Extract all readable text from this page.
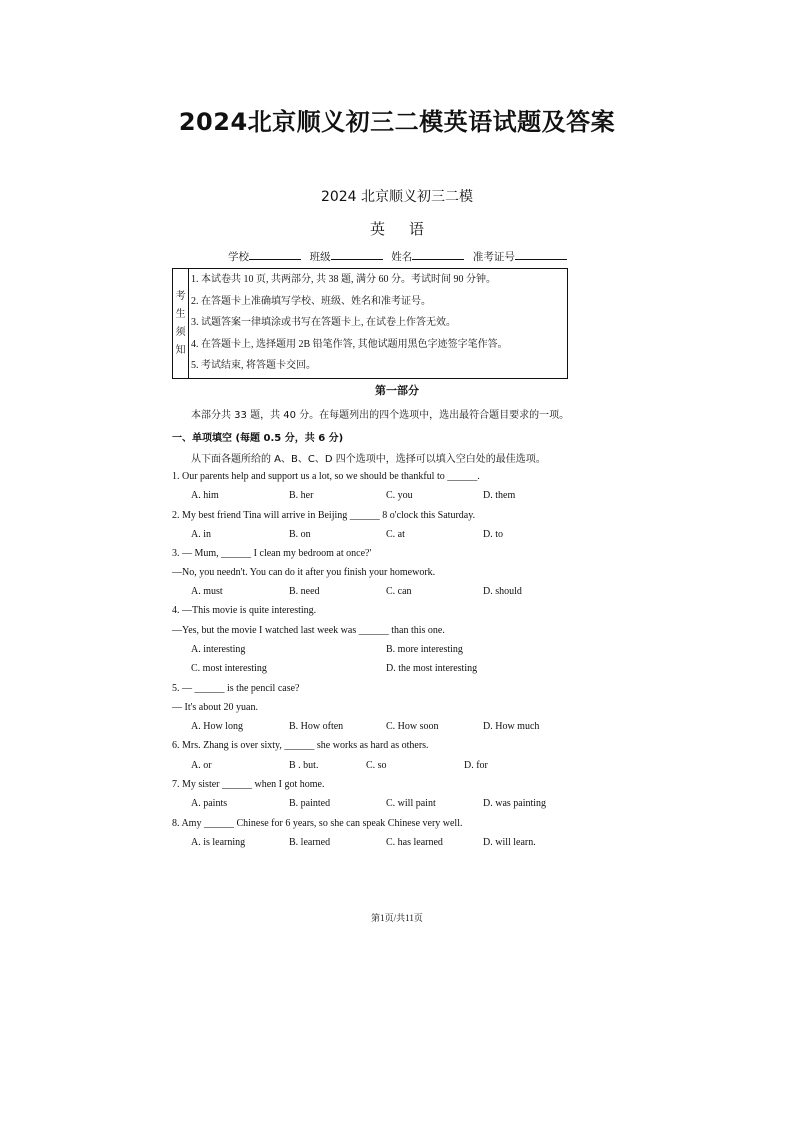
2024北京顺义初三二模英语试题及答案
2024 北京顺义初三二模
英语
学校	班级	姓名	准考证号
考
生
须
知
1. 本试卷共 10 页, 共两部分, 共 38 题, 满分 60 分。考试时间 90 分钟。
2. 在答题卡上准确填写学校、班级、姓名和准考证号。
3. 试题答案一律填涂或书写在答题卡上, 在试卷上作答无效。
4. 在答题卡上, 选择题用 2B 铅笔作答, 其他试题用黑色字迹签字笔作答。
5. 考试结束, 将答题卡交回。
第一部分
本部分共 33 题，共 40 分。在每题列出的四个选项中，选出最符合题目要求的一项。
一、单项填空 (每题 0.5 分，共 6 分)
从下面各题所给的 A、B、C、D 四个选项中，选择可以填入空白处的最佳选项。
1. Our parents help and support us a lot, so we should be thankful to ______.
A. him	B. her	C. you	D. them
2. My best friend Tina will arrive in Beijing ______ 8 o'clock this Saturday.
A. in	B. on	C. at	D. to
3. — Mum, ______ I clean my bedroom at once?'
—No, you needn't. You can do it after you finish your homework.
A. must	B. need	C. can	D. should
4. —This movie is quite interesting.
—Yes, but the movie I watched last week was ______ than this one.
A. interesting	B. more interesting
C. most interesting	D. the most interesting
5. — ______ is the pencil case?
— It's about 20 yuan.
A. How long	B. How often	C. How soon	D. How much
6. Mrs. Zhang is over sixty, ______ she works as hard as others.
A. or	B . but.	C. so	D. for
7. My sister ______ when I got home.
A. paints	B. painted	C. will paint	D. was painting
8. Amy ______ Chinese for 6 years, so she can speak Chinese very well.
A. is learning	B. learned	C. has learned	D. will learn.
第1页/共11页
